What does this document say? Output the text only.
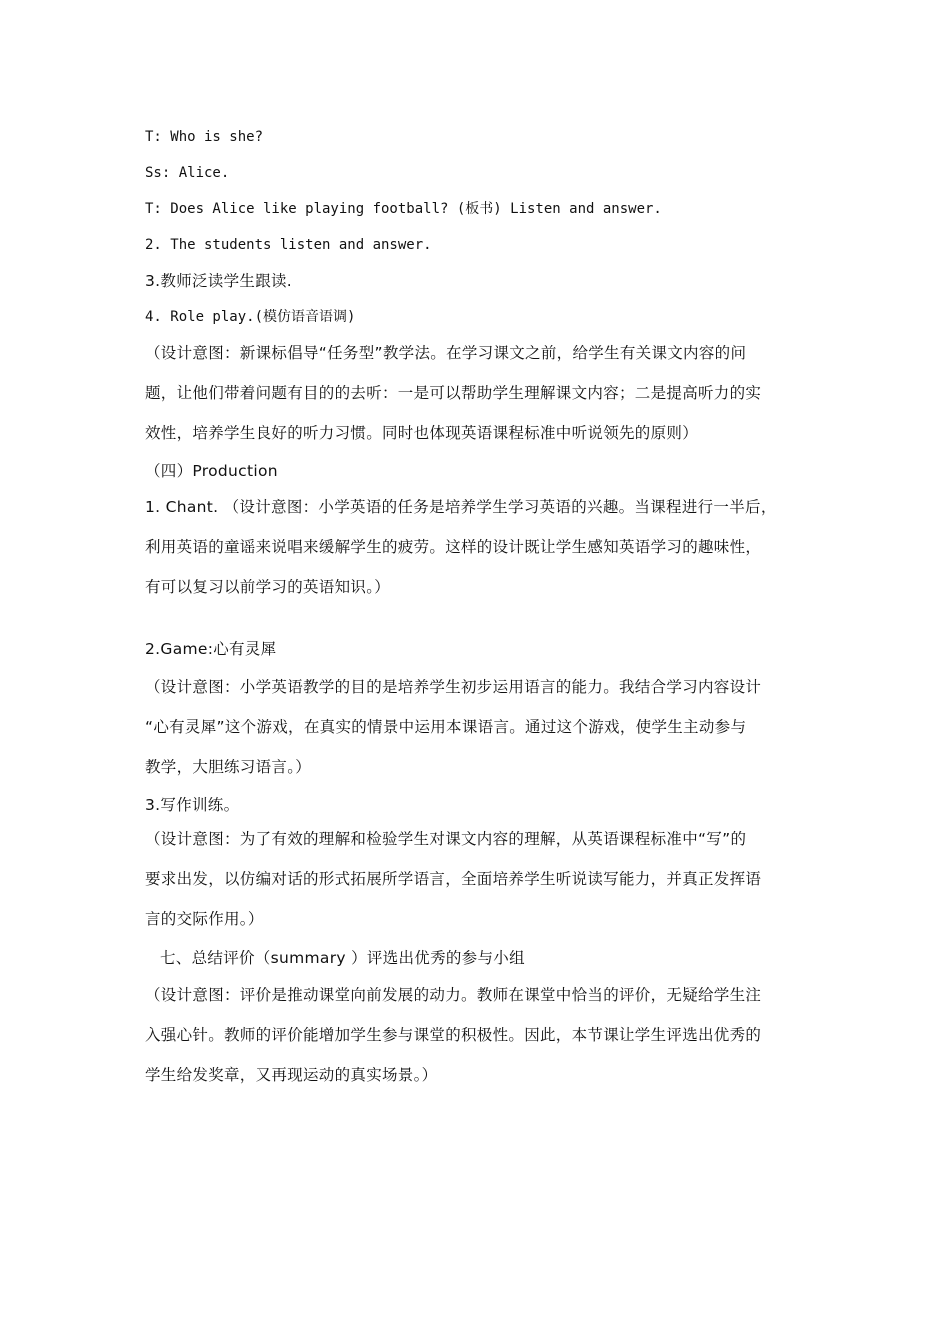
T: Who is she?
Ss: Alice.
T: Does Alice like playing football? (板书) Listen and answer.
2. The students listen and answer.
3.教师泛读学生跟读.
4. Role play.(模仿语音语调)
（设计意图：新课标倡导“任务型”教学法。在学习课文之前，给学生有关课文内容的问
题，让他们带着问题有目的的去听：一是可以帮助学生理解课文内容；二是提高听力的实
效性，培养学生良好的听力习惯。同时也体现英语课程标准中听说领先的原则）
（四）Production
1. Chant. （设计意图：小学英语的任务是培养学生学习英语的兴趣。当课程进行一半后，
利用英语的童谣来说唱来缓解学生的疲劳。这样的设计既让学生感知英语学习的趣味性，
有可以复习以前学习的英语知识。）
2.Game:心有灵犀
（设计意图：小学英语教学的目的是培养学生初步运用语言的能力。我结合学习内容设计
“心有灵犀”这个游戏，在真实的情景中运用本课语言。通过这个游戏，使学生主动参与
教学，大胆练习语言。）
3.写作训练。
（设计意图：为了有效的理解和检验学生对课文内容的理解，从英语课程标准中“写”的
要求出发，以仿编对话的形式拓展所学语言，全面培养学生听说读写能力，并真正发挥语
言的交际作用。）
七、总结评价（summary ）评选出优秀的参与小组
（设计意图：评价是推动课堂向前发展的动力。教师在课堂中恰当的评价，无疑给学生注
入强心针。教师的评价能增加学生参与课堂的积极性。因此，本节课让学生评选出优秀的
学生给发奖章，又再现运动的真实场景。）
